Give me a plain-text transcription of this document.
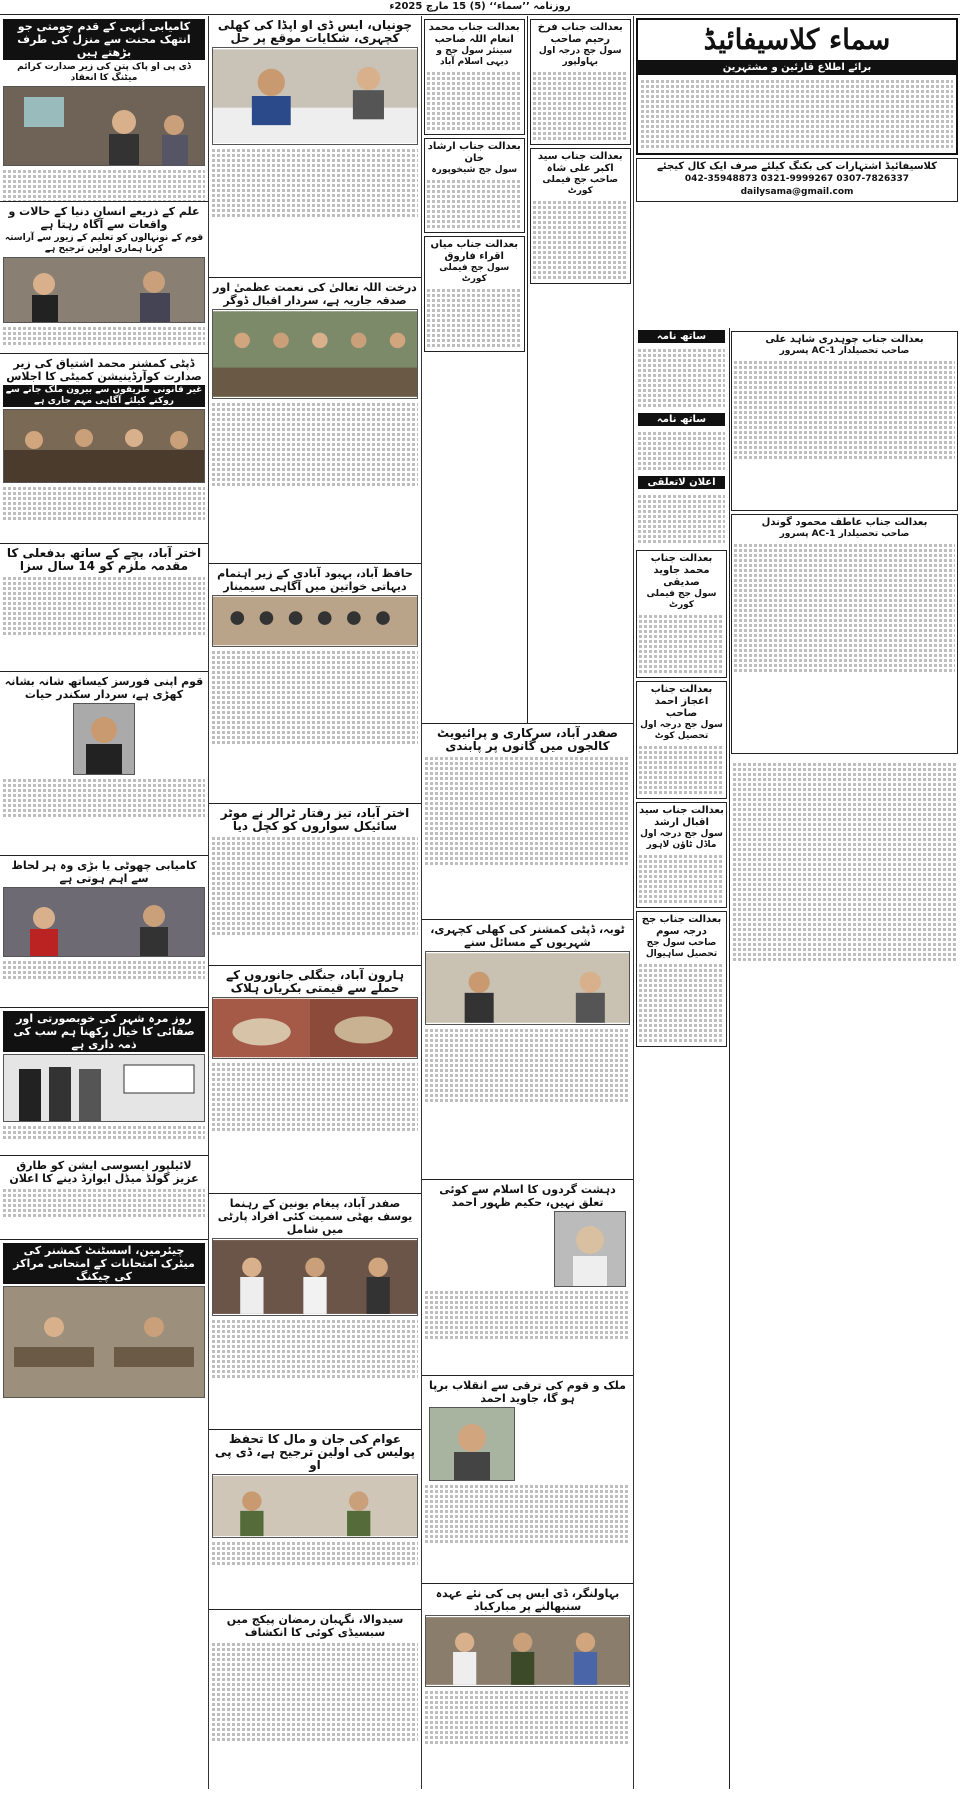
روزنامہ ’’سماء‘‘ (5) 15 مارچ 2025ء
کامیابی اُنہی کے قدم چومتی جو انتھک محنت سے منزل کی طرف بڑھتے ہیں
ڈی پی او پاک پتن کی زیر صدارت کرائم میٹنگ کا انعقاد
علم کے ذریعے انسان دنیا کے حالات و واقعات سے آگاہ رہتا ہے
قوم کے نونہالوں کو تعلیم کے زیور سے آراستہ کرنا ہماری اولین ترجیح ہے
ڈپٹی کمشنر محمد اشتیاق کی زیر صدارت کوآرڈینیشن کمیٹی کا اجلاس
غیر قانونی طریقوں سے بیرون ملک جانے سے روکنے کیلئے آگاہی مہم جاری ہے
اختر آباد، بچے کے ساتھ بدفعلی کا مقدمہ ملزم کو 14 سال سزا
قوم اپنی فورسز کیساتھ شانہ بشانہ کھڑی ہے، سردار سکندر حیات
کامیابی چھوٹی یا بڑی وہ ہر لحاظ سے اہم ہوتی ہے
روز مرہ شہر کی خوبصورتی اور صفائی کا خیال رکھنا ہم سب کی ذمہ داری ہے
لائیلپور ایسوسی ایشن کو طارق عزیز گولڈ میڈل ایوارڈ دینے کا اعلان
چیئرمین، اسسٹنٹ کمشنر کی میٹرک امتحانات کے امتحانی مراکز کی چیکنگ
چونیاں، ایس ڈی او اپڈا کی کھلی کچہری، شکایات موقع پر حل
درخت اللہ تعالیٰ کی نعمت عظمیٰ اور صدقہ جاریہ ہے، سردار اقبال ڈوگر
حافظ آباد، بہبود آبادی کے زیر اہتمام دیہاتی خواتین میں آگاہی سیمینار
اختر آباد، تیز رفتار ٹرالر نے موٹر سائیکل سواروں کو کچل دیا
ہارون آباد، جنگلی جانوروں کے حملے سے قیمتی بکریاں ہلاک
صفدر آباد، پیغام یونین کے رہنما یوسف بھٹی سمیت کئی افراد پارٹی میں شامل
عوام کی جان و مال کا تحفظ پولیس کی اولین ترجیح ہے، ڈی پی او
سیدوالا، نگہبان رمضان پیکج میں سبسیڈی کوئی کا انکشاف
بعدالت جناب محمد انعام اللہ صاحب
سینئر سول جج و دیہی اسلام آباد
بعدالت جناب ارشاد خان
سول جج شیخوپورہ
بعدالت جناب میاں اقراء فاروق
سول جج فیملی کورٹ
بعدالت جناب فرخ رحیم صاحب
سول جج درجہ اول بہاولپور
بعدالت جناب سید اکبر علی شاہ
صاحب جج فیملی کورٹ
صفدر آباد، سرکاری و پرائیویٹ کالجوں میں گانوں پر پابندی
ٹوبہ، ڈپٹی کمشنر کی کھلی کچہری، شہریوں کے مسائل سنے
دہشت گردوں کا اسلام سے کوئی تعلق نہیں، حکیم ظہور احمد
ملک و قوم کی ترقی سے انقلاب برپا ہو گا، جاوید احمد
بہاولنگر، ڈی ایس پی کی نئے عہدہ سنبھالنے پر مبارکباد
سماء کلاسیفائیڈ
برائے اطلاع قارئین و مشتہرین
کلاسیفائیڈ اشتہارات کی بکنگ کیلئے صرف ایک کال کیجئے
042-35948873 0321-9999267 0307-7826337
dailysama@gmail.com
ساتھ نامہ
ساتھ نامہ
اعلان لاتعلقی
بعدالت جناب محمد جاوید صدیقی
سول جج فیملی کورٹ
بعدالت جناب اعجاز احمد صاحب
سول جج درجہ اول تحصیل کوٹ
بعدالت جناب سید اقبال ارشد
سول جج درجہ اول ماڈل ٹاؤن لاہور
بعدالت جناب جج درجہ سوم
صاحب سول جج تحصیل ساہیوال
بعدالت جناب چوہدری شاہد علی
صاحب تحصیلدار AC-1 پسرور
بعدالت جناب عاطف محمود گوندل
صاحب تحصیلدار AC-1 پسرور
